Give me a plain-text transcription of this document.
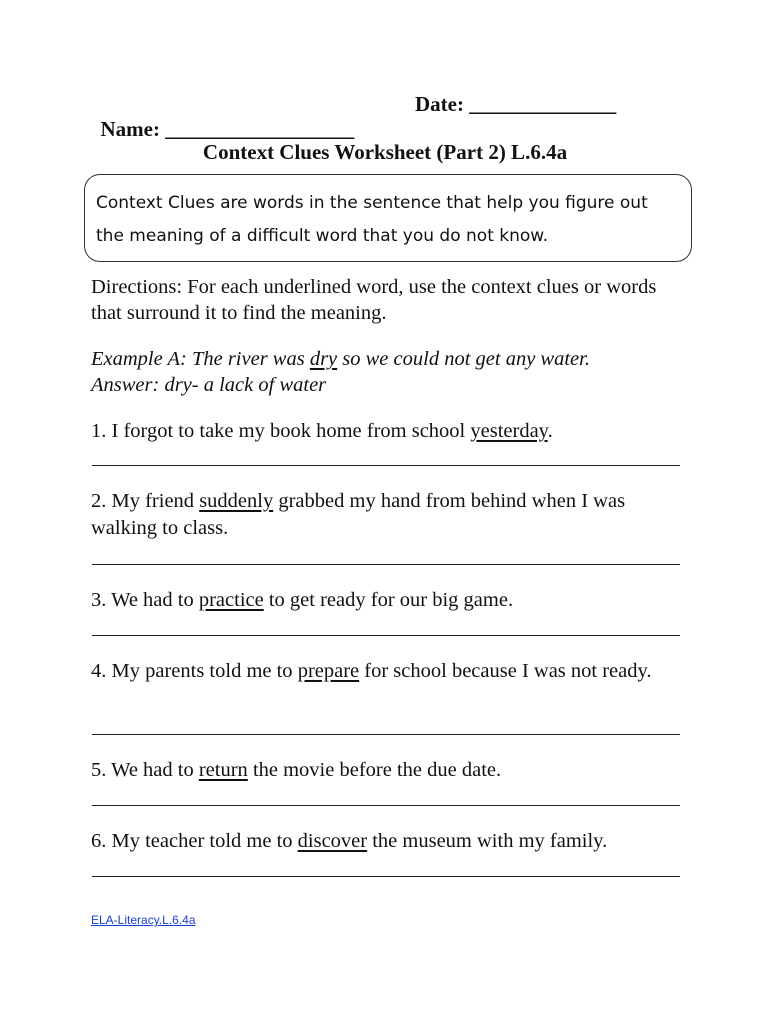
Name: __________________

Date: ______________

Context Clues Worksheet (Part 2) L.6.4a
Context Clues are words in the sentence that help you figure out the meaning of a difficult word that you do not know.
Directions: For each underlined word, use the context clues or words that surround it to find the meaning.
Example A: The river was dry so we could not get any water.
Answer: dry- a lack of water
1. I forgot to take my book home from school yesterday.
2. My friend suddenly grabbed my hand from behind when I was walking to class.
3. We had to practice to get ready for our big game.
4. My parents told me to prepare for school because I was not ready.
5. We had to return the movie before the due date.
6. My teacher told me to discover the museum with my family.
ELA-Literacy.L.6.4a
